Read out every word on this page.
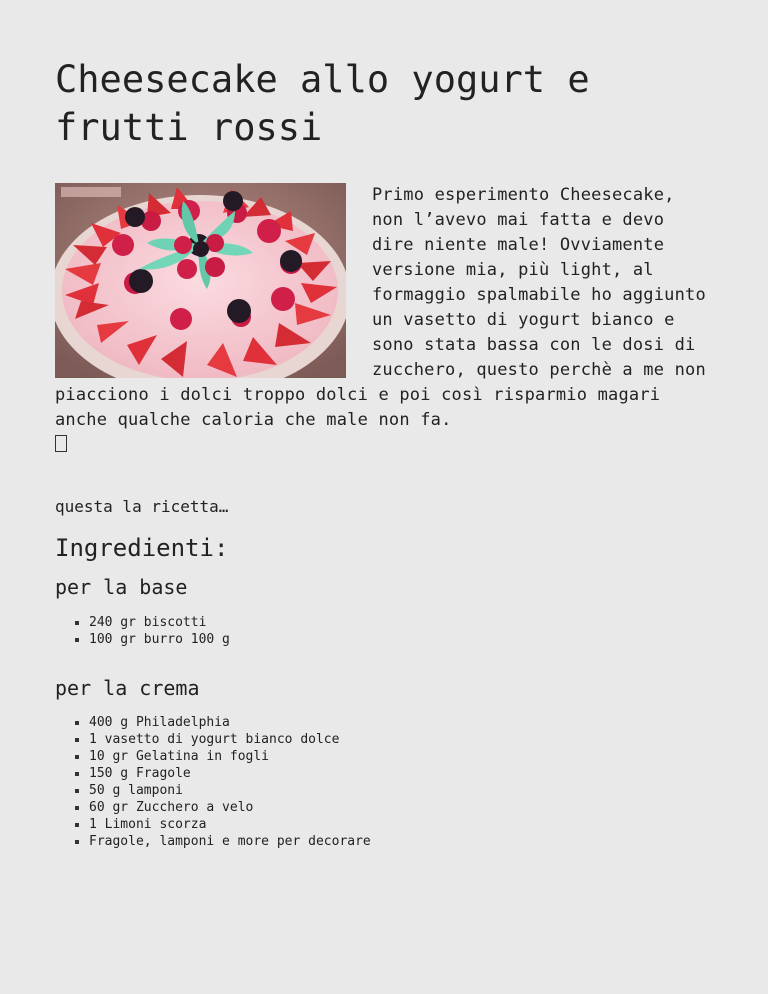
Cheesecake allo yogurt e frutti rossi

Primo esperimento Cheesecake, non l’avevo mai fatta e devo dire niente male! Ovviamente versione mia, più light, al formaggio spalmabile ho aggiunto un vasetto di yogurt bianco e sono stata bassa con le dosi di zucchero, questo perchè a me non piacciono i dolci troppo dolci e poi così risparmio magari anche qualche caloria che male non fa.

questa la ricetta…

Ingredienti:
per la base
240 gr biscotti
100 gr burro 100 g
per la crema
400 g Philadelphia
1 vasetto di yogurt bianco dolce
10 gr Gelatina in fogli
150 g Fragole
50 g lamponi
60 gr Zucchero a velo
1 Limoni scorza
Fragole, lamponi e more per decorare
